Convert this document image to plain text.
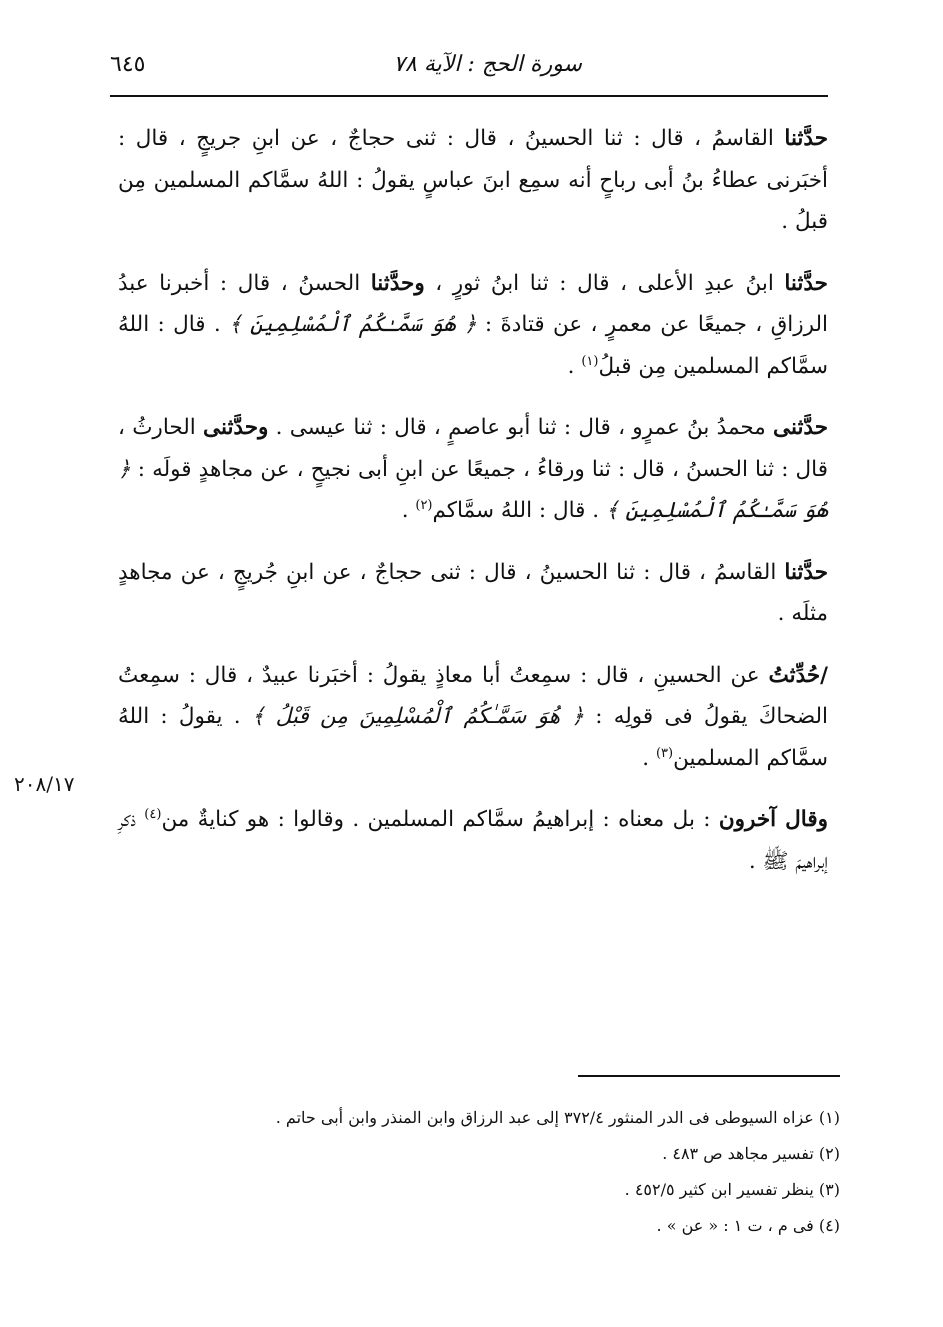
سورة الحج : الآية ٧٨
٦٤٥

حدَّثنا القاسمُ ، قال : ثنا الحسينُ ، قال : ثنى حجاجٌ ، عن ابنِ جريجٍ ، قال : أخبَرنى عطاءُ بنُ أبى رباحٍ أنه سمِع ابنَ عباسٍ يقولُ : اللهُ سمَّاكم المسلمين مِن قبلُ .

حدَّثنا ابنُ عبدِ الأعلى ، قال : ثنا ابنُ ثورٍ ، وحدَّثنا الحسنُ ، قال : أخبرنا عبدُ الرزاقِ ، جميعًا عن معمرٍ ، عن قتادةَ : ﴿ هُوَ سَمَّـٰكُمُ ٱلْمُسْلِمِينَ ﴾ . قال : اللهُ سمَّاكم المسلمين مِن قبلُ$^{(١)}$ .

حدَّثنى محمدُ بنُ عمرٍو ، قال : ثنا أبو عاصمٍ ، قال : ثنا عيسى . وحدَّثنى الحارثُ ، قال : ثنا الحسنُ ، قال : ثنا ورقاءُ ، جميعًا عن ابنِ أبى نجيحٍ ، عن مجاهدٍ قولَه : ﴿ هُوَ سَمَّـٰكُمُ ٱلْمُسْلِمِينَ ﴾ . قال : اللهُ سمَّاكم$^{(٢)}$ .

حدَّثنا القاسمُ ، قال : ثنا الحسينُ ، قال : ثنى حجاجٌ ، عن ابنِ جُريجٍ ، عن مجاهدٍ مثلَه .

/حُدِّثتُ عن الحسينِ ، قال : سمِعتُ أبا معاذٍ يقولُ : أخبَرنا عبيدٌ ، قال : سمِعتُ الضحاكَ يقولُ فى قولِه : ﴿ هُوَ سَمَّـٰكُمُ ٱلْمُسْلِمِينَ مِن قَبْلُ ﴾ . يقولُ : اللهُ سمَّاكم المسلمين$^{(٣)}$ .

وقال آخرون : بل معناه : إبراهيمُ سمَّاكم المسلمين . وقالوا : هو كنايةٌ من$^{(٤)}$ ذكرِ إبراهيمَ ﷺ .

٢٠٨/١٧

(١) عزاه السيوطى فى الدر المنثور ٣٧٢/٤ إلى عبد الرزاق وابن المنذر وابن أبى حاتم .

(٢) تفسير مجاهد ص ٤٨٣ .

(٣) ينظر تفسير ابن كثير ٤٥٢/٥ .

(٤) فى م ، ت ١ : « عن » .
